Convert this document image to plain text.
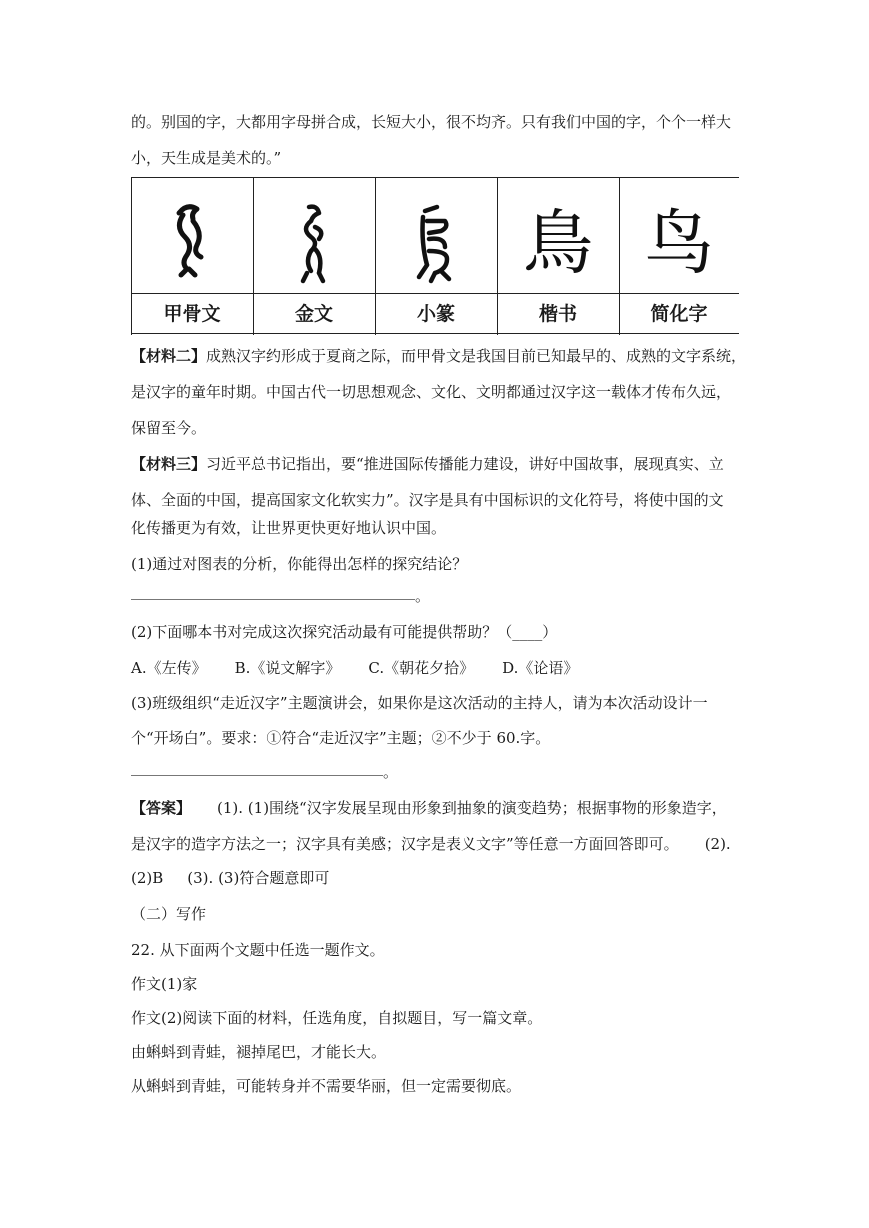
的。别国的字，大都用字母拼合成，长短大小，很不均齐。只有我们中国的字，个个一样大
小，天生成是美术的。”
甲骨文	金文	小篆
鳥
楷书
鸟
简化字
【材料二】成熟汉字约形成于夏商之际，而甲骨文是我国目前已知最早的、成熟的文字系统，
是汉字的童年时期。中国古代一切思想观念、文化、文明都通过汉字这一载体才传布久远，
保留至今。
【材料三】习近平总书记指出，要“推进国际传播能力建设，讲好中国故事，展现真实、立
体、全面的中国，提高国家文化软实力”。汉字是具有中国标识的文化符号，将使中国的文
化传播更为有效，让世界更快更好地认识中国。
(1)通过对图表的分析，你能得出怎样的探究结论？
。
(2)下面哪本书对完成这次探究活动最有可能提供帮助？（____）
A.《左传》 B.《说文解字》 C.《朝花夕拾》 D.《论语》
(3)班级组织“走近汉字”主题演讲会，如果你是这次活动的主持人，请为本次活动设计一
个“开场白”。要求：①符合“走近汉字”主题；②不少于 60.字。
。
【答案】 (1). (1)围绕“汉字发展呈现由形象到抽象的演变趋势；根据事物的形象造字，
是汉字的造字方法之一；汉字具有美感；汉字是表义文字”等任意一方面回答即可。 (2).
(2)B (3). (3)符合题意即可
（二）写作
22. 从下面两个文题中任选一题作文。
作文(1)家
作文(2)阅读下面的材料，任选角度，自拟题目，写一篇文章。
由蝌蚪到青蛙，褪掉尾巴，才能长大。
从蝌蚪到青蛙，可能转身并不需要华丽，但一定需要彻底。
